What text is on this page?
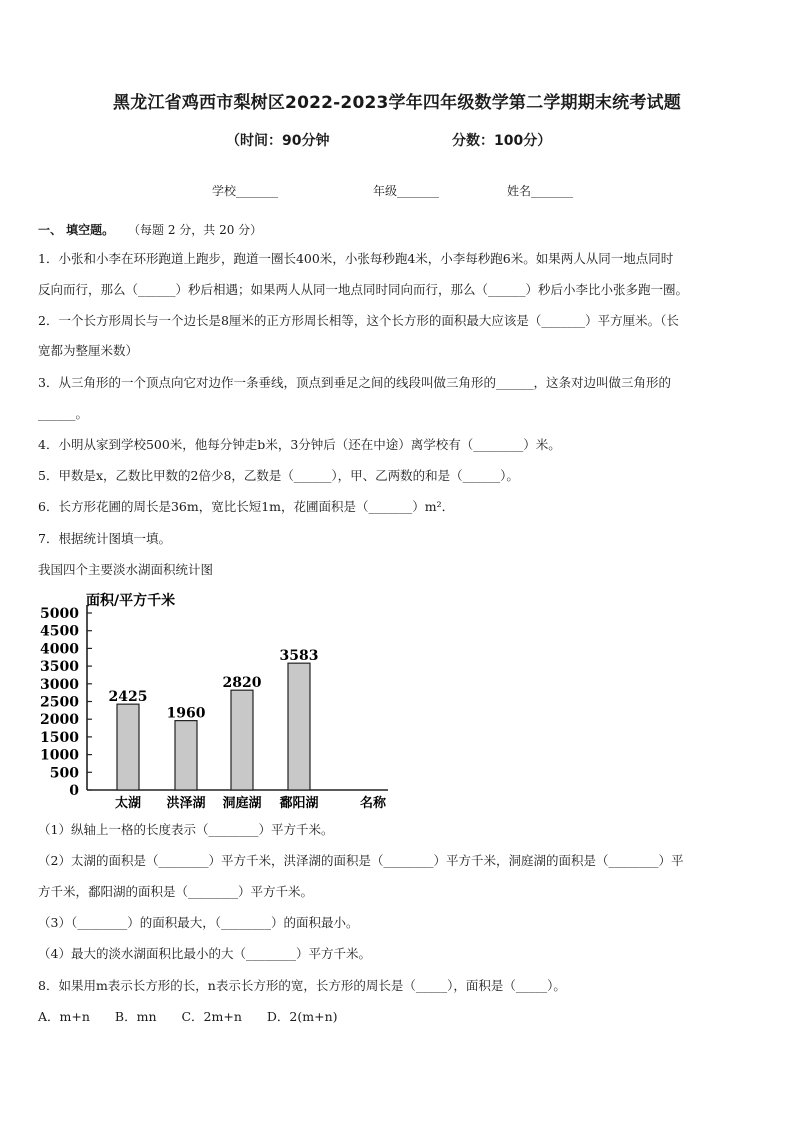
黑龙江省鸡西市梨树区2022-2023学年四年级数学第二学期期末统考试题
（时间：90分钟	分数：100分）
学校_______	年级_______	姓名_______
一、 填空题。 （每题 2 分，共 20 分）
1．小张和小李在环形跑道上跑步，跑道一圈长400米，小张每秒跑4米，小李每秒跑6米。如果两人从同一地点同时
反向而行，那么（______）秒后相遇；如果两人从同一地点同时同向而行，那么（______）秒后小李比小张多跑一圈。
2．一个长方形周长与一个边长是8厘米的正方形周长相等，这个长方形的面积最大应该是（_______）平方厘米。（长
宽都为整厘米数）
3．从三角形的一个顶点向它对边作一条垂线，顶点到垂足之间的线段叫做三角形的______，这条对边叫做三角形的
______。
4．小明从家到学校500米，他每分钟走b米，3分钟后（还在中途）离学校有（________）米。
5．甲数是x，乙数比甲数的2倍少8，乙数是（______），甲、乙两数的和是（______）。
6．长方形花圃的周长是36m，宽比长短1m，花圃面积是（_______）m²．
7．根据统计图填一填。
我国四个主要淡水湖面积统计图
面积/平方千米
名称
0
500
1000
1500
2000
2500
3000
3500
4000
4500
5000
2425
太湖
1960
洪泽湖
2820
洞庭湖
3583
鄱阳湖
（1）纵轴上一格的长度表示（________）平方千米。
（2）太湖的面积是（________）平方千米，洪泽湖的面积是（________）平方千米，洞庭湖的面积是（________）平
方千米，鄱阳湖的面积是（________）平方千米。
（3）（________）的面积最大，（________）的面积最小。
（4）最大的淡水湖面积比最小的大（________）平方千米。
8．如果用m表示长方形的长，n表示长方形的宽，长方形的周长是（_____），面积是（_____）。
A．m+n　　B．mn　　C．2m+n　　D．2(m+n)
